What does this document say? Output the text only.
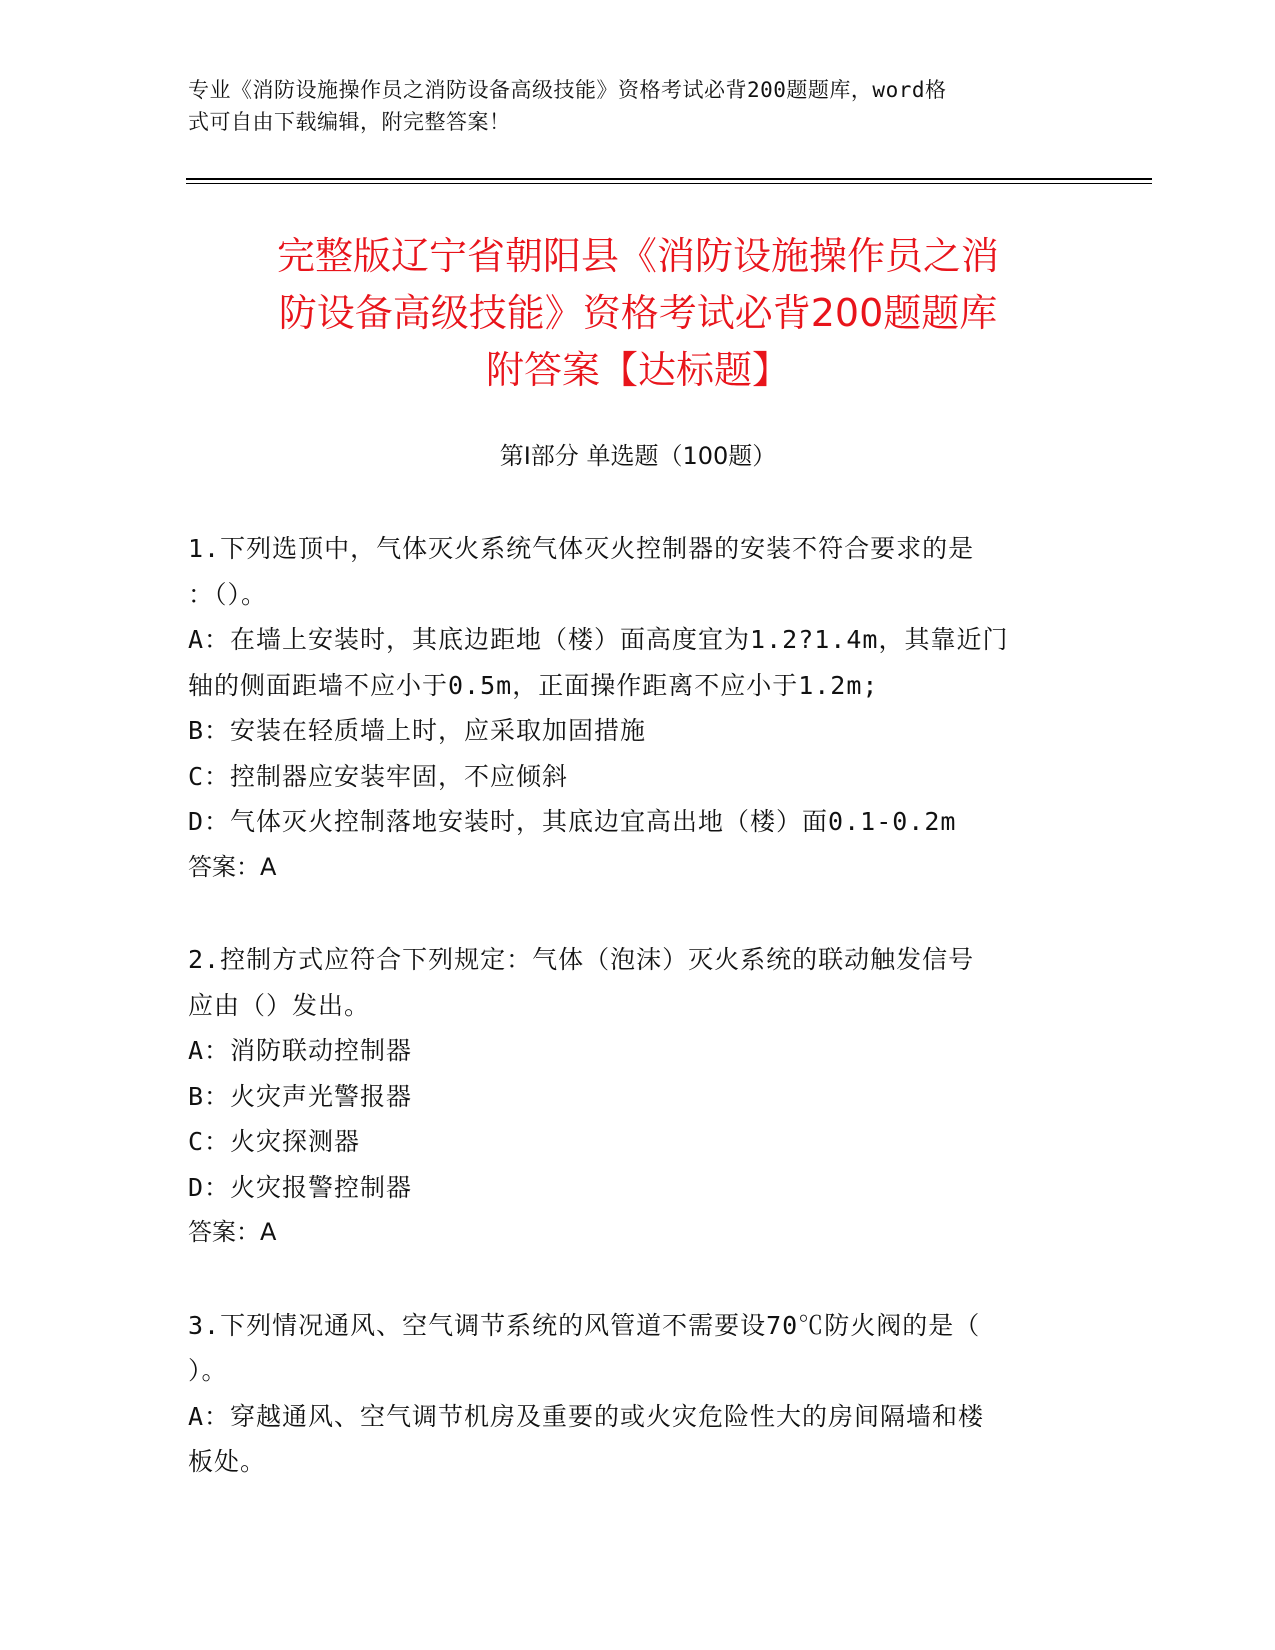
专业《消防设施操作员之消防设备高级技能》资格考试必背200题题库，word格
式可自由下载编辑，附完整答案！
完整版辽宁省朝阳县《消防设施操作员之消
防设备高级技能》资格考试必背200题题库
附答案【达标题】
第Ⅰ部分 单选题（100题）
1.下列选顶中，气体灭火系统气体灭火控制器的安装不符合要求的是
：（）。
A：在墙上安装时，其底边距地（楼）面高度宜为1.2?1.4m，其靠近门
轴的侧面距墙不应小于0.5m，正面操作距离不应小于1.2m;
B：安装在轻质墙上时，应采取加固措施
C：控制器应安装牢固，不应倾斜
D：气体灭火控制落地安装时，其底边宜高出地（楼）面0.1-0.2m
答案：A
2.控制方式应符合下列规定：气体（泡沫）灭火系统的联动触发信号
应由（）发出。
A：消防联动控制器
B：火灾声光警报器
C：火灾探测器
D：火灾报警控制器
答案：A
3.下列情况通风、空气调节系统的风管道不需要设70℃防火阀的是（
）。
A：穿越通风、空气调节机房及重要的或火灾危险性大的房间隔墙和楼
板处。
